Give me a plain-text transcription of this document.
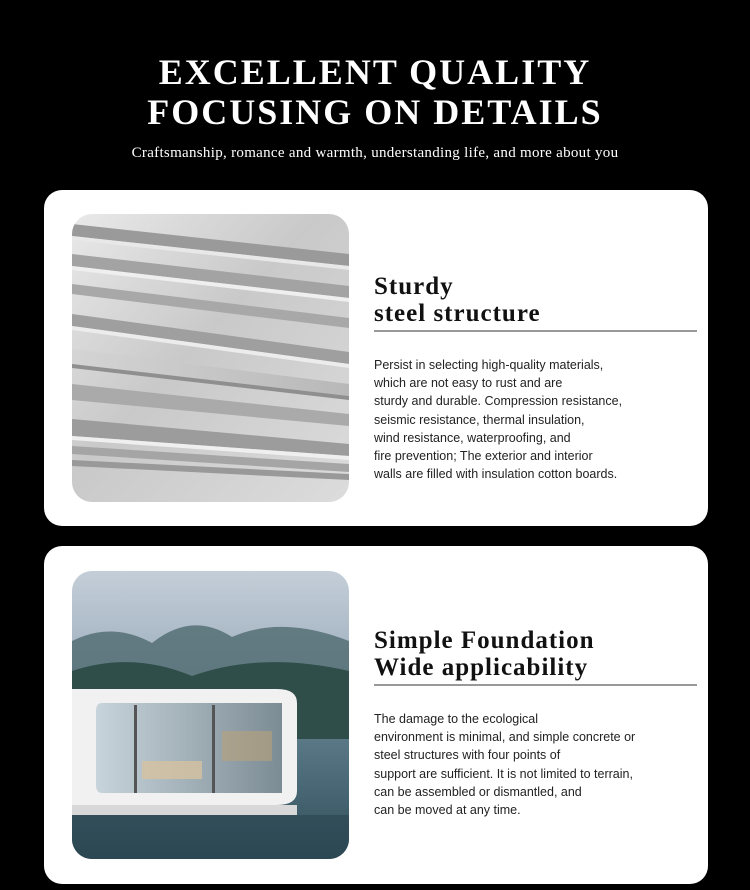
EXCELLENT QUALITY
FOCUSING ON DETAILS
Craftsmanship, romance and warmth, understanding life, and more about you
Sturdy
steel structure
Persist in selecting high-quality materials,
which are not easy to rust and are
sturdy and durable. Compression resistance,
seismic resistance, thermal insulation,
wind resistance, waterproofing, and
fire prevention; The exterior and interior
walls are filled with insulation cotton boards.
Simple Foundation
Wide applicability
The damage to the ecological
environment is minimal, and simple concrete or
steel structures with four points of
support are sufficient. It is not limited to terrain,
can be assembled or dismantled, and
can be moved at any time.
